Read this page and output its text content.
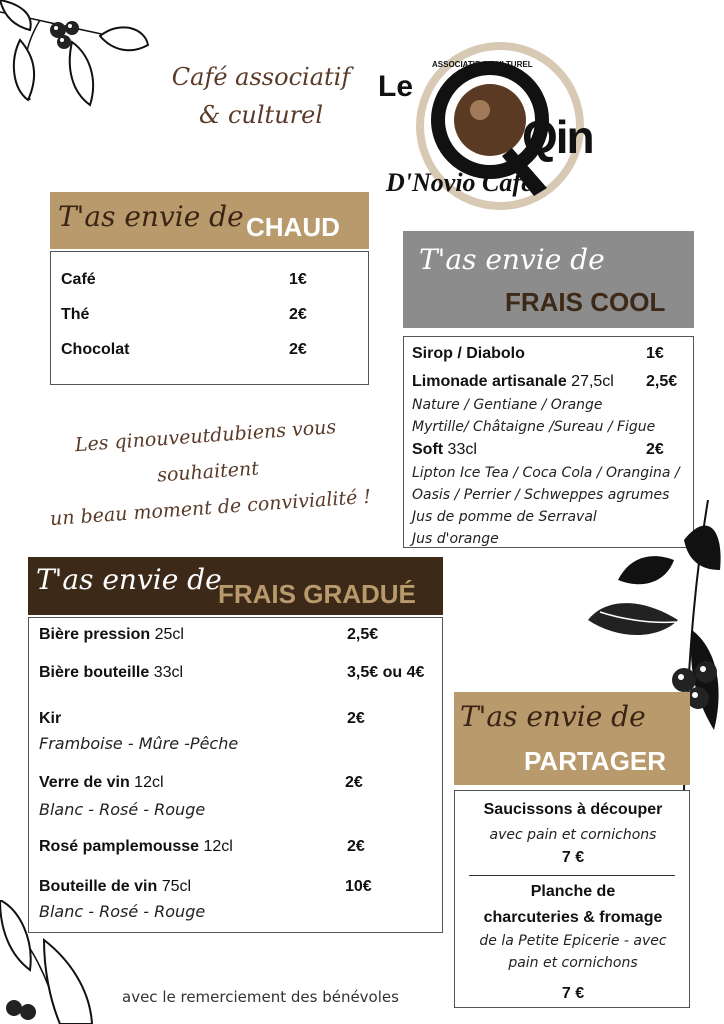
Café associatif
& culturel
ASSOCIATIF & CULTUREL
Le
Qin
D'Novio Café
T'as envie de CHAUD
Café	1€
Thé	2€
Chocolat	2€
T'as envie de
FRAIS COOL
Sirop / Diabolo	1€
Limonade artisanale 27,5cl 2,5€
Nature / Gentiane / Orange
Myrtille/ Châtaigne /Sureau / Figue
Soft 33cl	2€
Lipton Ice Tea / Coca Cola / Orangina /
Oasis / Perrier / Schweppes agrumes
Jus de pomme de Serraval
Jus d'orange
Les qinouveutdubiens vous souhaitent
un beau moment de convivialité !
T'as envie de
FRAIS GRADUÉ
Bière pression 25cl	2,5€
Bière bouteille 33cl	3,5€ ou 4€
Kir	2€
Framboise - Mûre -Pêche
Verre de vin 12cl	2€
Blanc - Rosé - Rouge
Rosé pamplemousse 12cl	2€
Bouteille de vin 75cl	10€
Blanc - Rosé - Rouge
T'as envie de
PARTAGER
Saucissons à découper
avec pain et cornichons
7 €
Planche de
charcuteries & fromage
de la Petite Epicerie - avec
pain et cornichons
7 €
avec le remerciement des bénévoles
